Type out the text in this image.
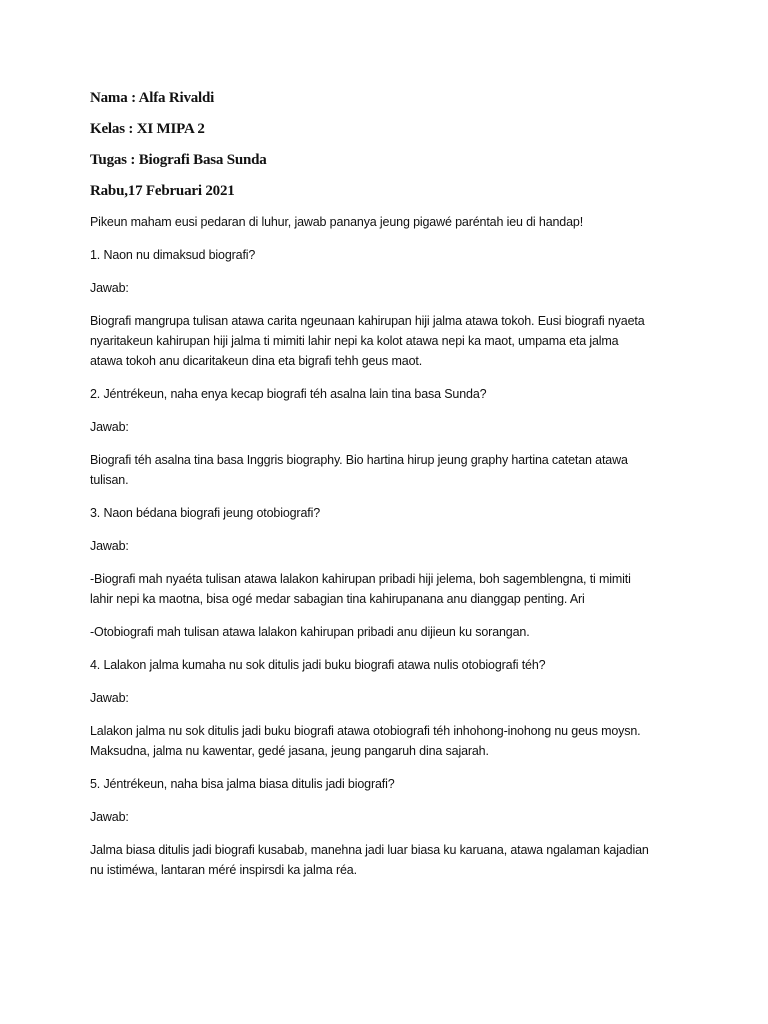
Nama : Alfa Rivaldi

Kelas : XI MIPA 2

Tugas : Biografi Basa Sunda

Rabu,17 Februari 2021

Pikeun maham eusi pedaran di luhur, jawab pananya jeung pigawé paréntah ieu di handap!

1. Naon nu dimaksud biografi?

Jawab:

Biografi mangrupa tulisan atawa carita ngeunaan kahirupan hiji jalma atawa tokoh. Eusi biografi nyaeta
nyaritakeun kahirupan hiji jalma ti mimiti lahir nepi ka kolot atawa nepi ka maot, umpama eta jalma
atawa tokoh anu dicaritakeun dina eta bigrafi tehh geus maot.

2. Jéntrékeun, naha enya kecap biografi téh asalna lain tina basa Sunda?

Jawab:

Biografi téh asalna tina basa Inggris biography. Bio hartina hirup jeung graphy hartina catetan atawa
tulisan.

3. Naon bédana biografi jeung otobiografi?

Jawab:

-Biografi mah nyaéta tulisan atawa lalakon kahirupan pribadi hiji jelema, boh sagemblengna, ti mimiti
lahir nepi ka maotna, bisa ogé medar sabagian tina kahirupanana anu dianggap penting. Ari

-Otobiografi mah tulisan atawa lalakon kahirupan pribadi anu dijieun ku sorangan.

4. Lalakon jalma kumaha nu sok ditulis jadi buku biografi atawa nulis otobiografi téh?

Jawab:

Lalakon jalma nu sok ditulis jadi buku biografi atawa otobiografi téh inhohong-inohong nu geus moysn.
Maksudna, jalma nu kawentar, gedé jasana, jeung pangaruh dina sajarah.

5. Jéntrékeun, naha bisa jalma biasa ditulis jadi biografi?

Jawab:

Jalma biasa ditulis jadi biografi kusabab, manehna jadi luar biasa ku karuana, atawa ngalaman kajadian
nu istiméwa, lantaran méré inspirsdi ka jalma réa.
